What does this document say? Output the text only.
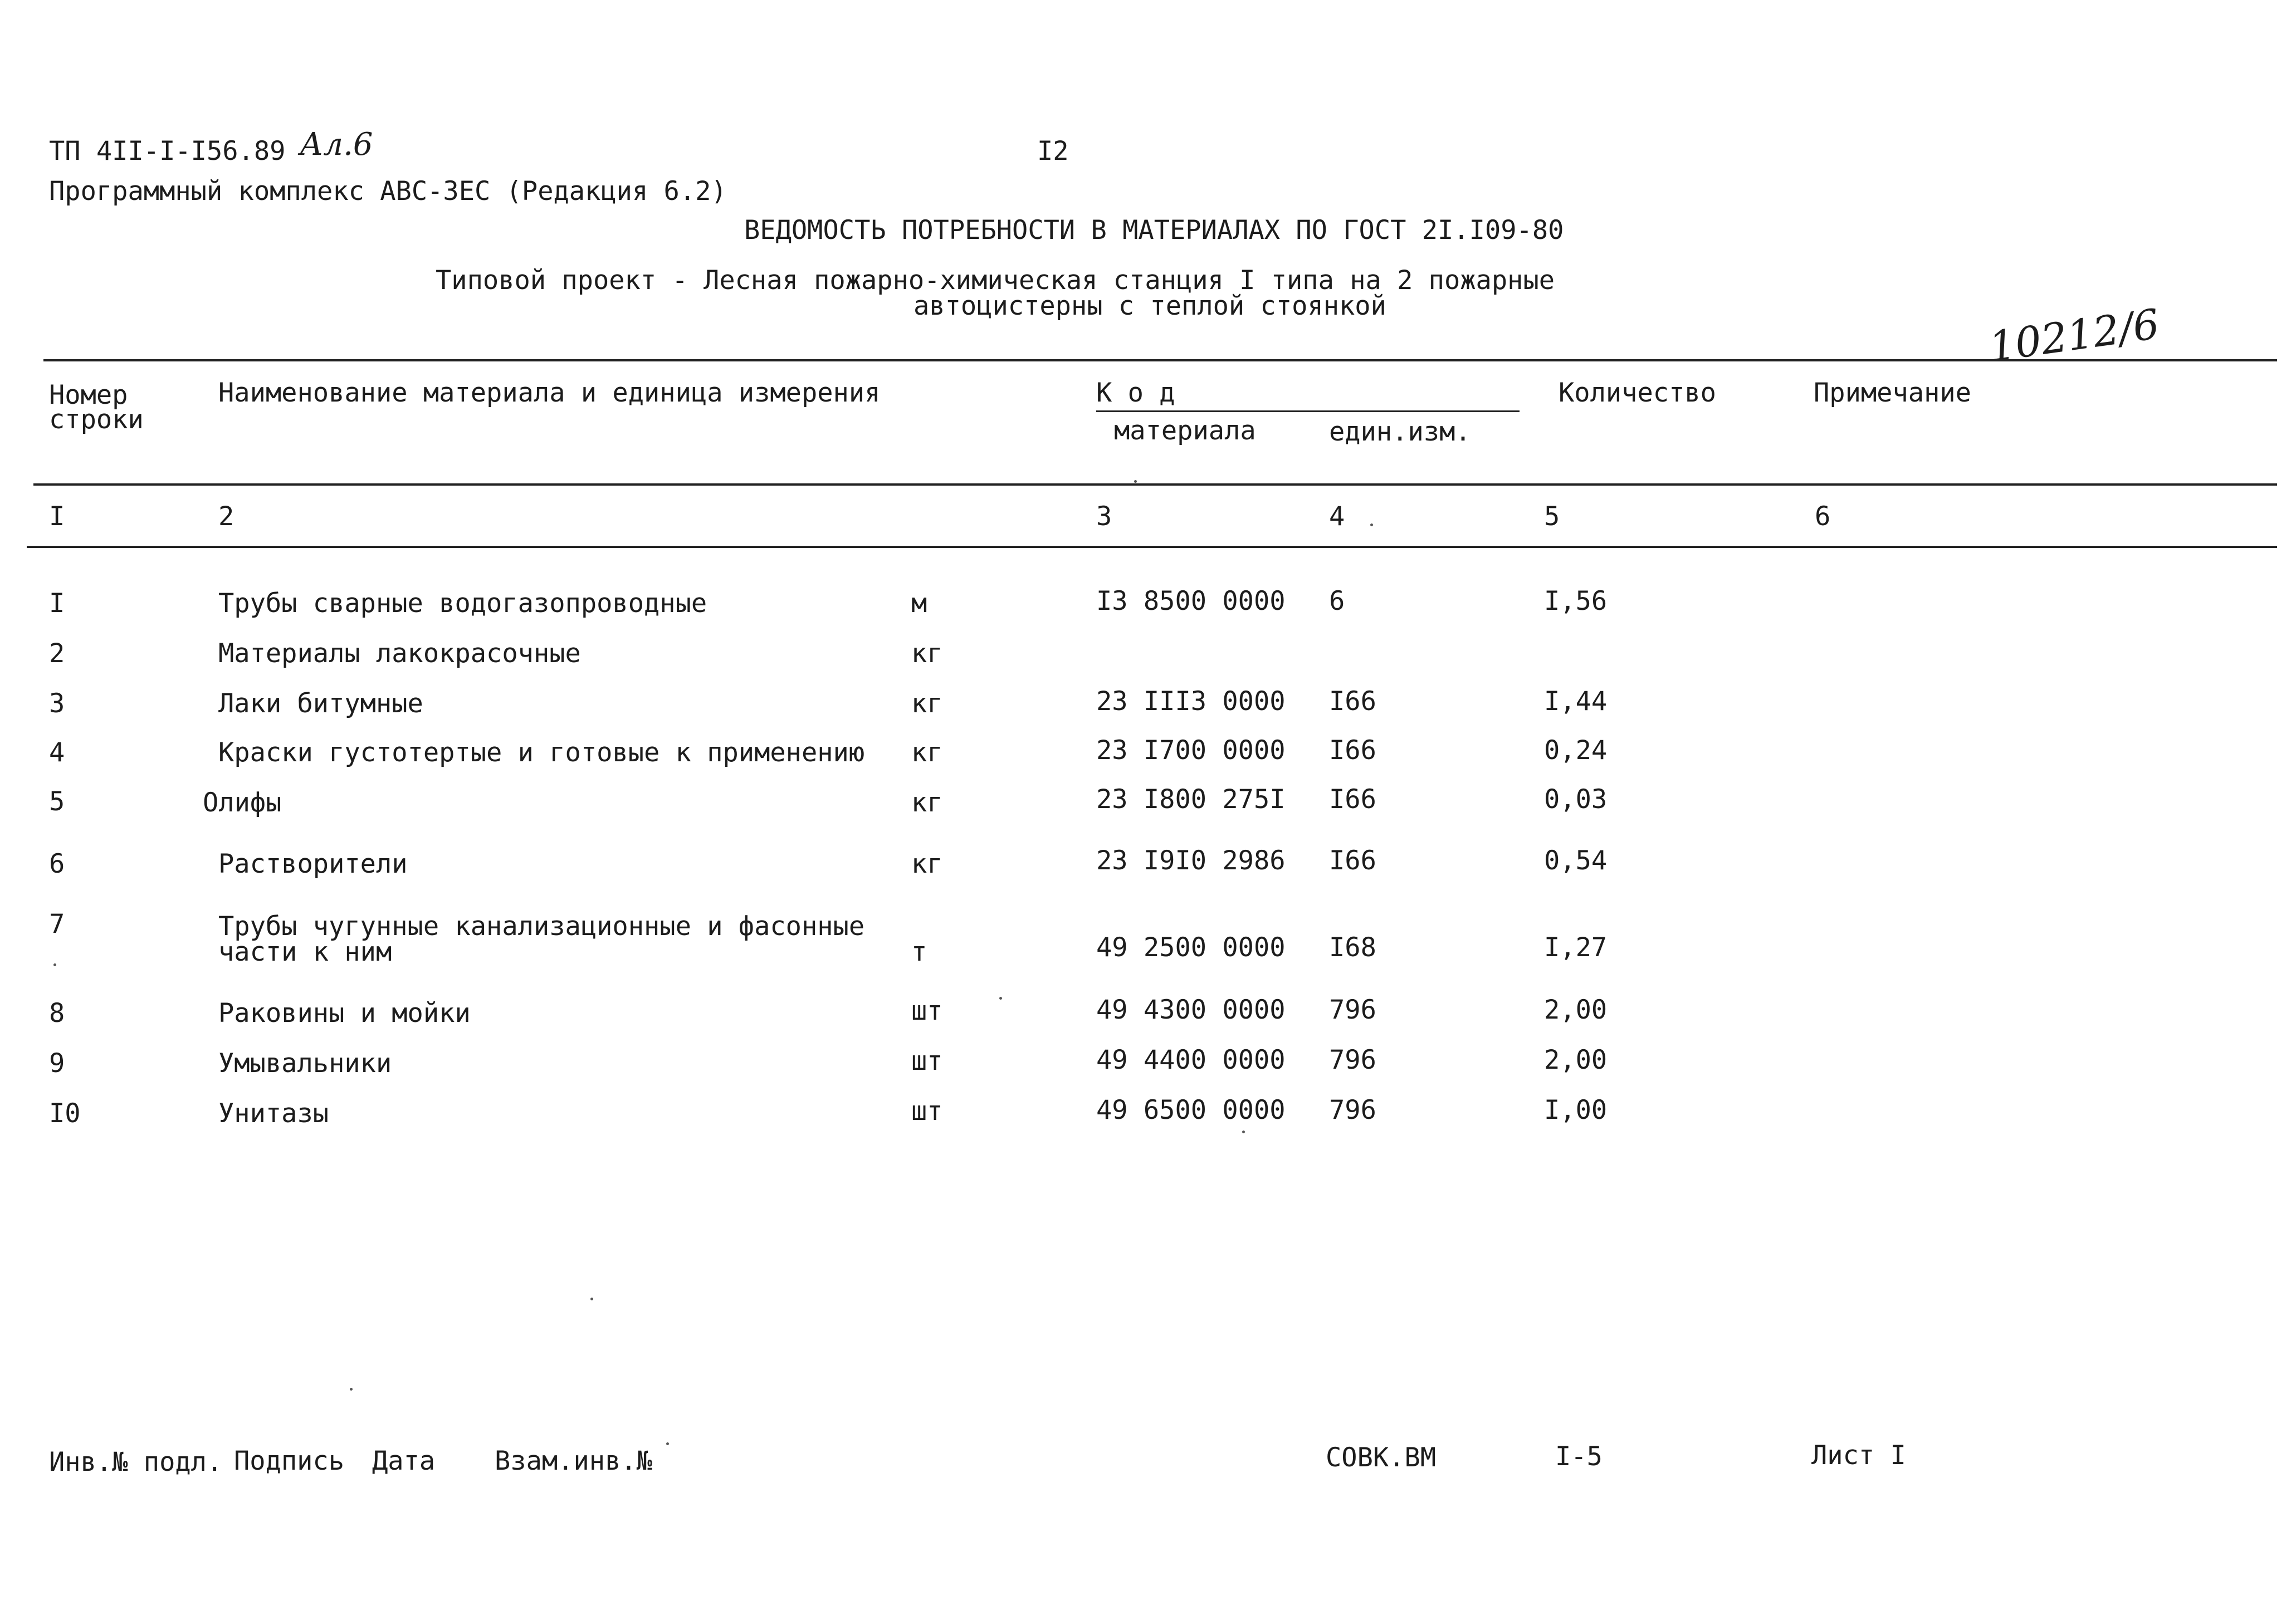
ТП 4II-I-I56.89 Ал.6	I2
Программный комплекс АВС-3ЕС (Редакция 6.2)
ВЕДОМОСТЬ ПОТРЕБНОСТИ В МАТЕРИАЛАХ ПО ГОСТ 2I.I09-80
Типовой проект - Лесная пожарно-химическая станция I типа на 2 пожарные
автоцистерны с теплой стоянкой	10212/6
Номер
строки
Наименование материала и единица измерения	К о д
материала	един.изм.
Количество	Примечание
I	2	3	4	5	6
I	Трубы сварные водогазопроводные	м	I3 8500 0000 6	I,56
2	Материалы лакокрасочные	кг
3	Лаки битумные	кг	23 III3 0000 I66	I,44
4	Краски густотертые и готовые к применению кг	23 I700 0000 I66	0,24
5	Олифы	кг	23 I800 275I I66	0,03
6	Растворители	кг	23 I9I0 2986 I66	0,54
7	Трубы чугунные канализационные и фасонные
части к ним	т	49 2500 0000 I68	I,27
8	Раковины и мойки	шт	49 4300 0000 796	2,00
9	Умывальники	шт	49 4400 0000 796	2,00
I0	Унитазы	шт	49 6500 0000 796	I,00
Инв.№ подл. Подпись Дата Взам.инв.№	СОВК.ВМ	I-5	Лист I
